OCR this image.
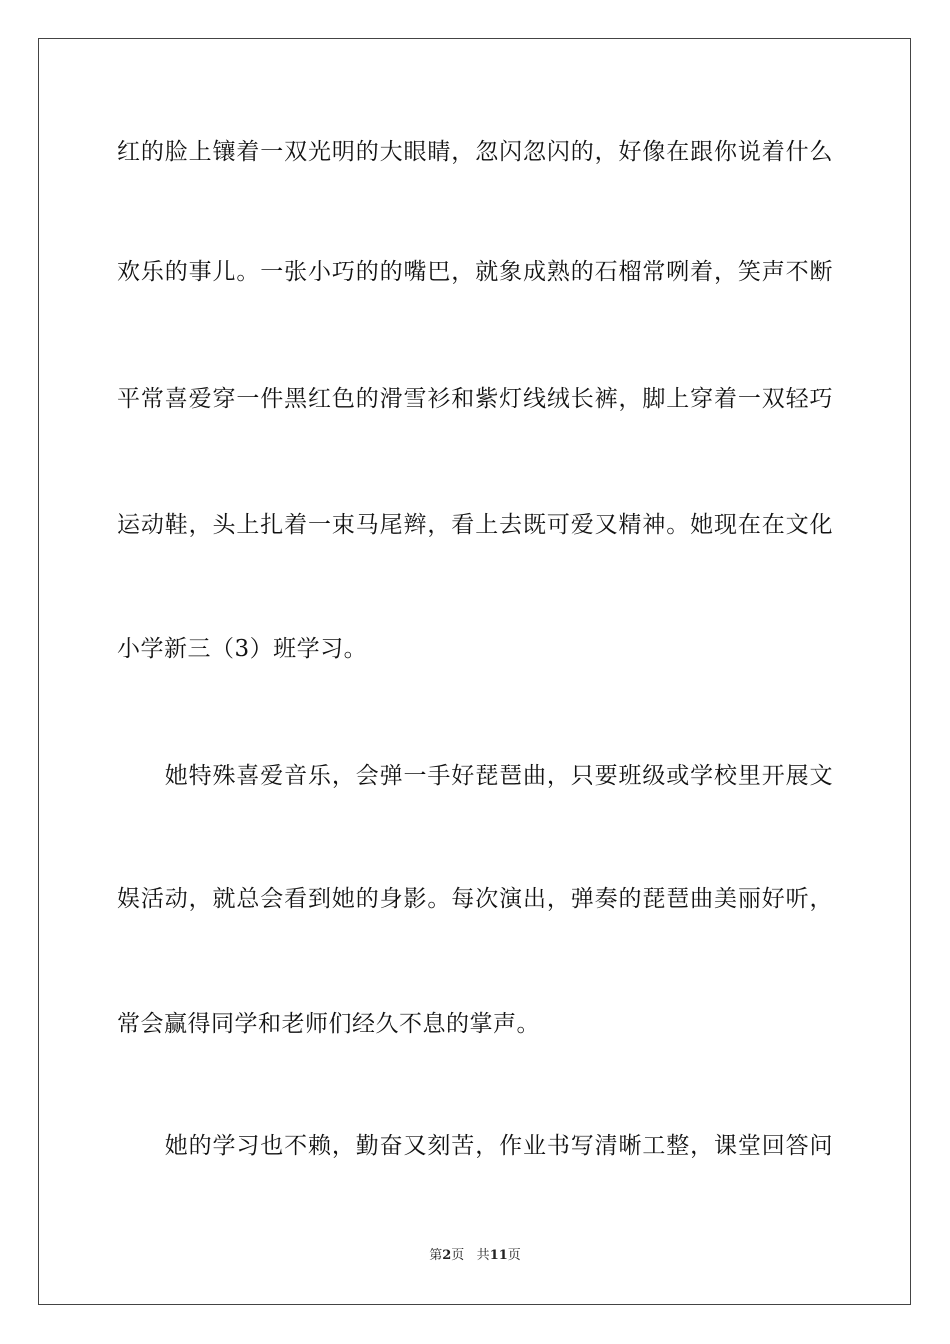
红的脸上镶着一双光明的大眼睛，忽闪忽闪的，好像在跟你说着什么
欢乐的事儿。一张小巧的的嘴巴，就象成熟的石榴常咧着，笑声不断
平常喜爱穿一件黑红色的滑雪衫和紫灯线绒长裤，脚上穿着一双轻巧
运动鞋，头上扎着一束马尾辫，看上去既可爱又精神。她现在在文化
小学新三（3）班学习。
　　她特殊喜爱音乐，会弹一手好琵琶曲，只要班级或学校里开展文
娱活动，就总会看到她的身影。每次演出，弹奏的琵琶曲美丽好听，
常会赢得同学和老师们经久不息的掌声。
　　她的学习也不赖，勤奋又刻苦，作业书写清晰工整，课堂回答问
第2页 共11页
